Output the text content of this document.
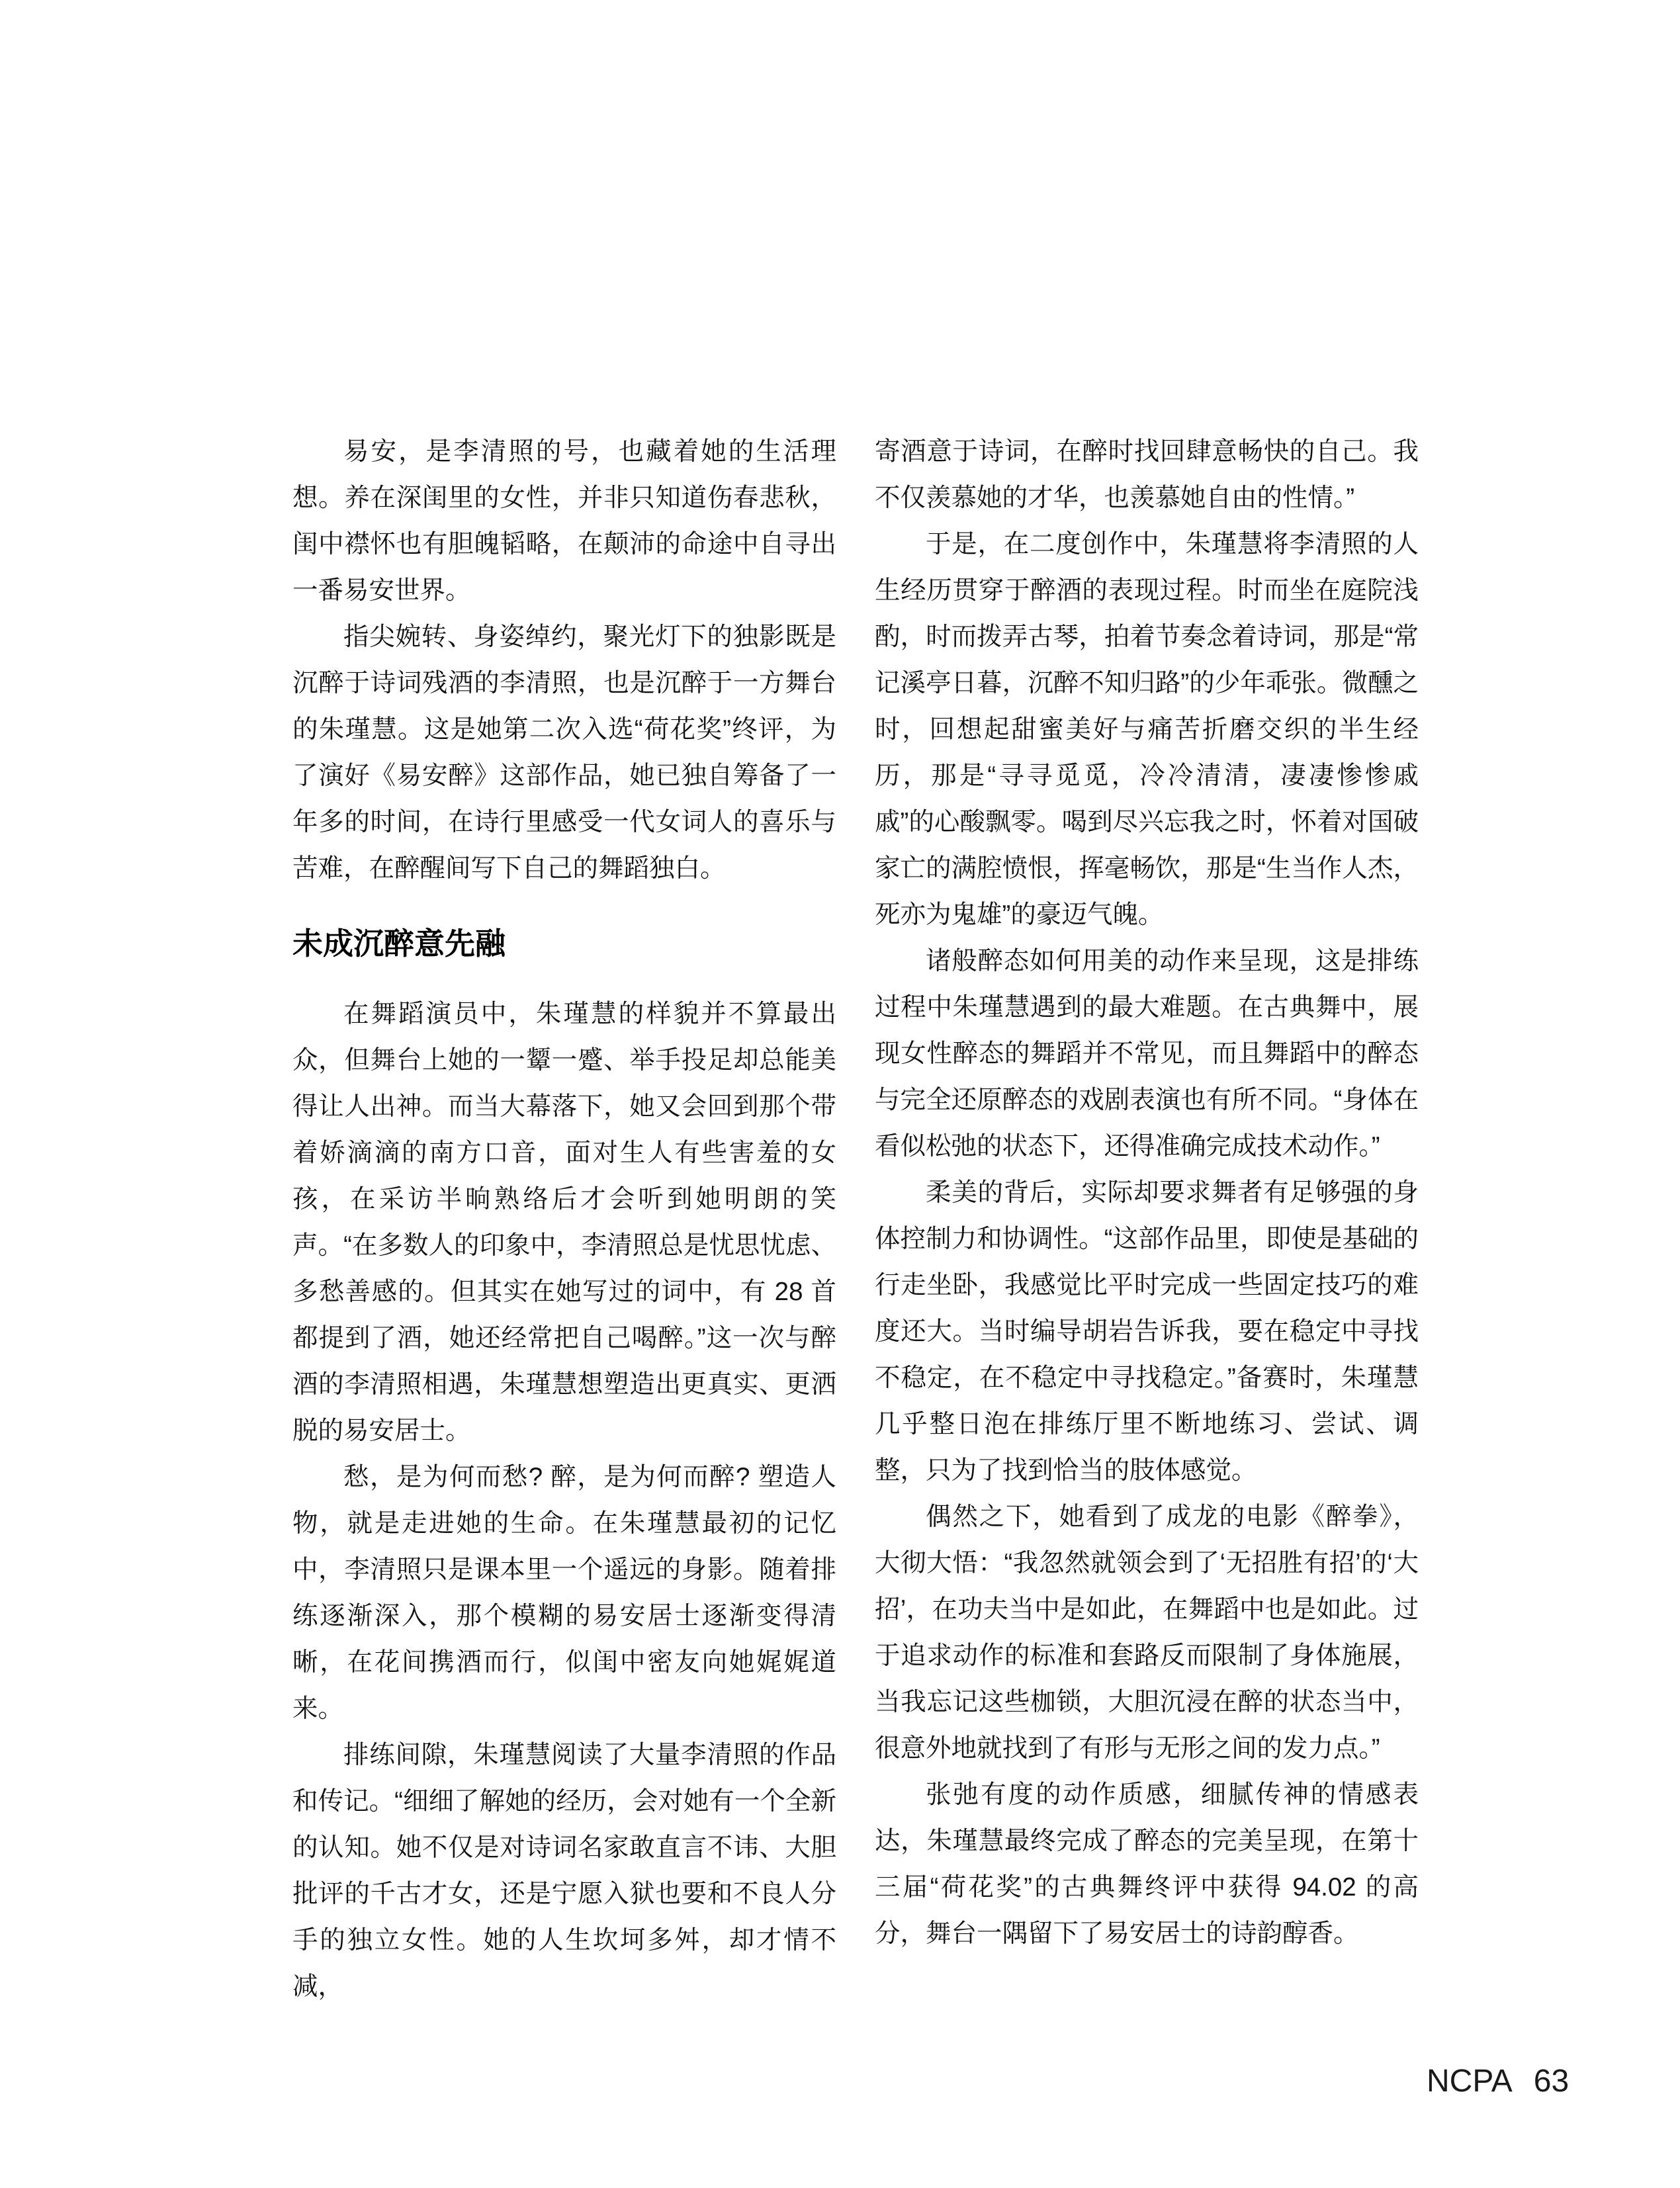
易安，是李清照的号，也藏着她的生活理想。养在深闺里的女性，并非只知道伤春悲秋，闺中襟怀也有胆魄韬略，在颠沛的命途中自寻出一番易安世界。

指尖婉转、身姿绰约，聚光灯下的独影既是沉醉于诗词残酒的李清照，也是沉醉于一方舞台的朱瑾慧。这是她第二次入选“荷花奖”终评，为了演好《易安醉》这部作品，她已独自筹备了一年多的时间，在诗行里感受一代女词人的喜乐与苦难，在醉醒间写下自己的舞蹈独白。

未成沉醉意先融

在舞蹈演员中，朱瑾慧的样貌并不算最出众，但舞台上她的一颦一蹙、举手投足却总能美得让人出神。而当大幕落下，她又会回到那个带着娇滴滴的南方口音，面对生人有些害羞的女孩，在采访半晌熟络后才会听到她明朗的笑声。“在多数人的印象中，李清照总是忧思忧虑、多愁善感的。但其实在她写过的词中，有 28 首都提到了酒，她还经常把自己喝醉。”这一次与醉酒的李清照相遇，朱瑾慧想塑造出更真实、更洒脱的易安居士。

愁，是为何而愁? 醉，是为何而醉? 塑造人物，就是走进她的生命。在朱瑾慧最初的记忆中，李清照只是课本里一个遥远的身影。随着排练逐渐深入，那个模糊的易安居士逐渐变得清晰，在花间携酒而行，似闺中密友向她娓娓道来。

排练间隙，朱瑾慧阅读了大量李清照的作品和传记。“细细了解她的经历，会对她有一个全新的认知。她不仅是对诗词名家敢直言不讳、大胆批评的千古才女，还是宁愿入狱也要和不良人分手的独立女性。她的人生坎坷多舛，却才情不减，

寄酒意于诗词，在醉时找回肆意畅快的自己。我不仅羡慕她的才华，也羡慕她自由的性情。”

于是，在二度创作中，朱瑾慧将李清照的人生经历贯穿于醉酒的表现过程。时而坐在庭院浅酌，时而拨弄古琴，拍着节奏念着诗词，那是“常记溪亭日暮，沉醉不知归路”的少年乖张。微醺之时，回想起甜蜜美好与痛苦折磨交织的半生经历，那是“寻寻觅觅，冷冷清清，凄凄惨惨戚戚”的心酸飘零。喝到尽兴忘我之时，怀着对国破家亡的满腔愤恨，挥毫畅饮，那是“生当作人杰，死亦为鬼雄”的豪迈气魄。

诸般醉态如何用美的动作来呈现，这是排练过程中朱瑾慧遇到的最大难题。在古典舞中，展现女性醉态的舞蹈并不常见，而且舞蹈中的醉态与完全还原醉态的戏剧表演也有所不同。“身体在看似松弛的状态下，还得准确完成技术动作。”

柔美的背后，实际却要求舞者有足够强的身体控制力和协调性。“这部作品里，即使是基础的行走坐卧，我感觉比平时完成一些固定技巧的难度还大。当时编导胡岩告诉我，要在稳定中寻找不稳定，在不稳定中寻找稳定。”备赛时，朱瑾慧几乎整日泡在排练厅里不断地练习、尝试、调整，只为了找到恰当的肢体感觉。

偶然之下，她看到了成龙的电影《醉拳》，大彻大悟：“我忽然就领会到了‘无招胜有招’的‘大招’，在功夫当中是如此，在舞蹈中也是如此。过于追求动作的标准和套路反而限制了身体施展，当我忘记这些枷锁，大胆沉浸在醉的状态当中，很意外地就找到了有形与无形之间的发力点。”

张弛有度的动作质感，细腻传神的情感表达，朱瑾慧最终完成了醉态的完美呈现，在第十三届“荷花奖”的古典舞终评中获得 94.02 的高分，舞台一隅留下了易安居士的诗韵醇香。

NCPA 63
